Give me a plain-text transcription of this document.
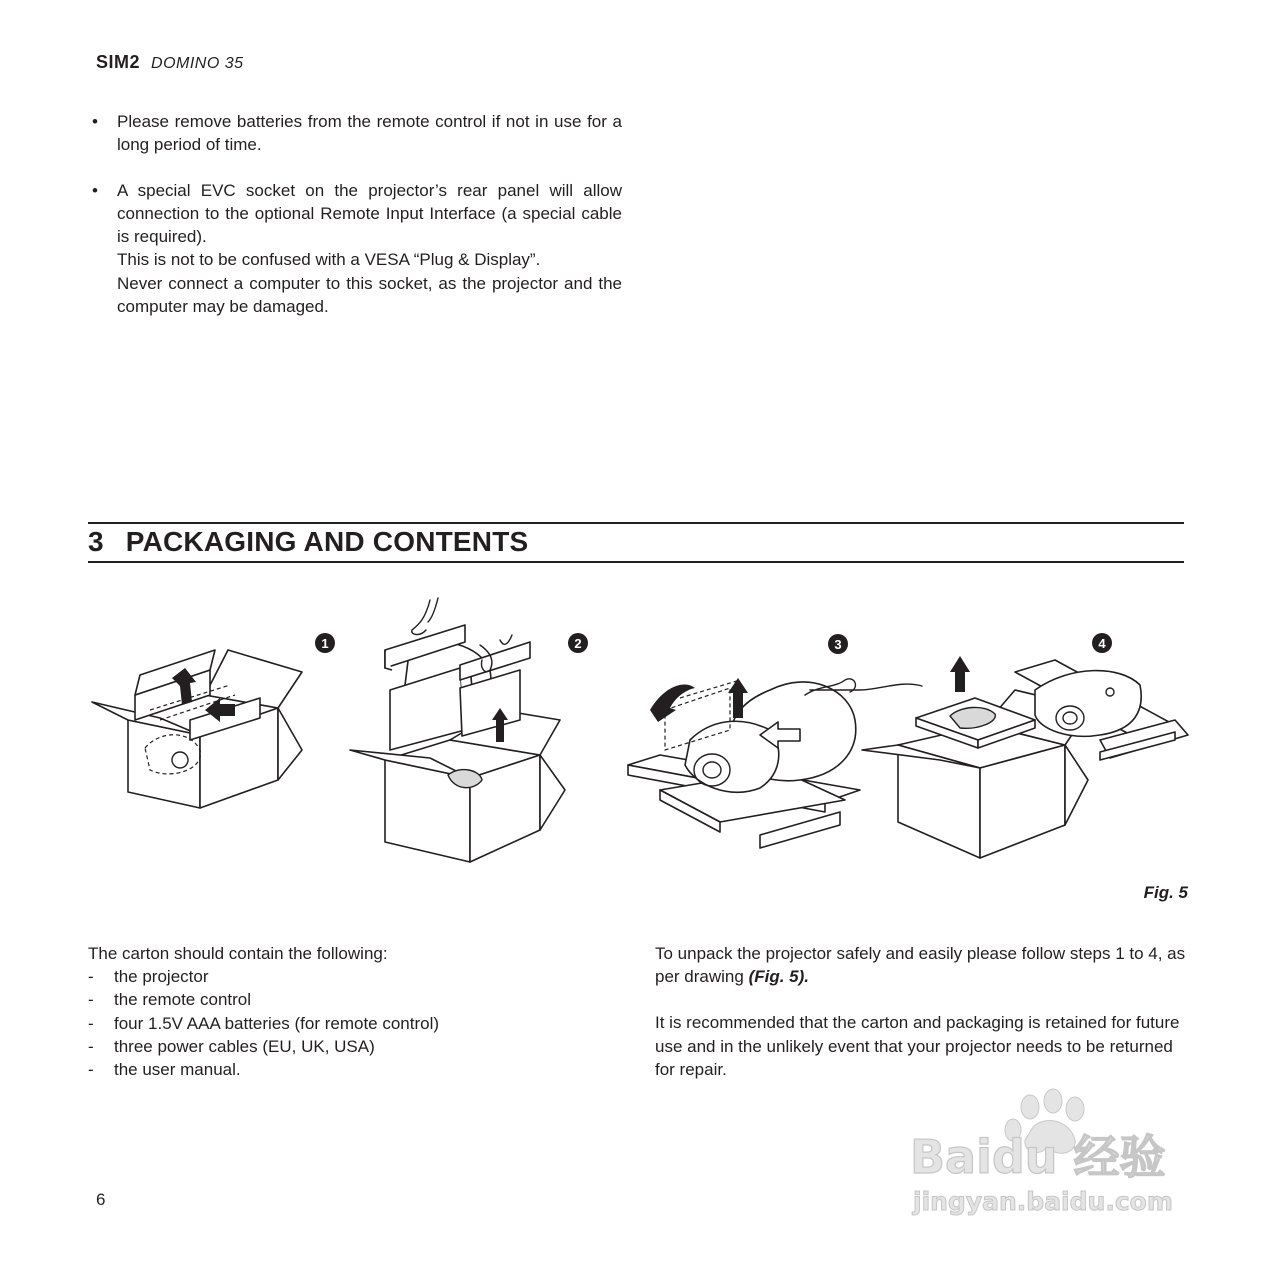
SIM2 DOMINO 35
• Please remove batteries from the remote control if not in use for a long period of time.

• A special EVC socket on the projector’s rear panel will allow connection to the optional Remote Input Interface (a special cable is required).

This is not to be confused with a VESA “Plug & Display”.

Never connect a computer to this socket, as the projector and the computer may be damaged.

3 PACKAGING AND CONTENTS
1	2	3	4
Fig. 5

The carton should contain the following:

- the projector
- the remote control
- four 1.5V AAA batteries (for remote control)
- three power cables (EU, UK, USA)
- the user manual.

To unpack the projector safely and easily please follow steps 1 to 4, as per drawing (Fig. 5).

It is recommended that the carton and packaging is retained for future use and in the unlikely event that your projector needs to be returned for repair.

6
Baidu 经验
jingyan.baidu.com
